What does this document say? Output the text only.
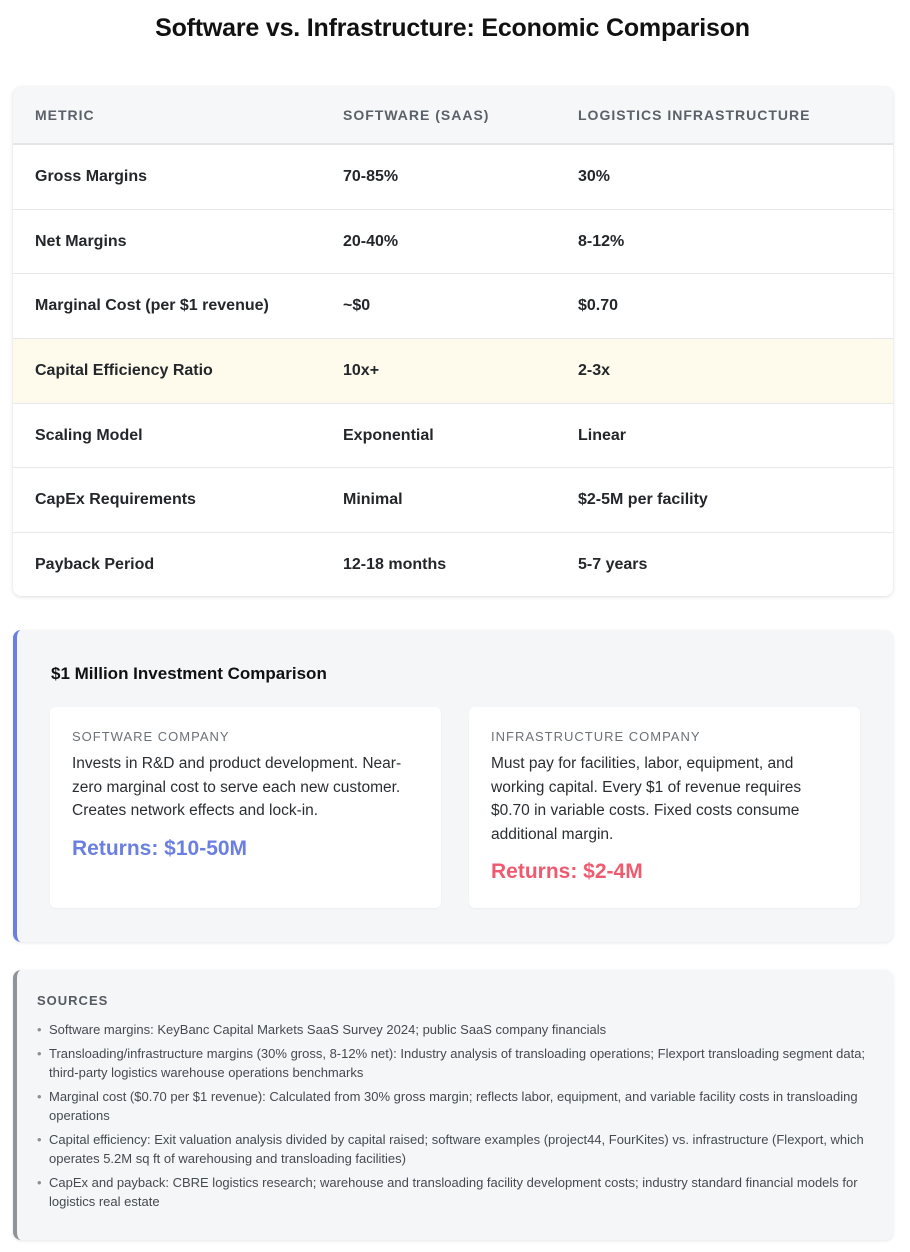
Software vs. Infrastructure: Economic Comparison
METRIC	SOFTWARE (SAAS)	LOGISTICS INFRASTRUCTURE
Gross Margins	70-85%	30%
Net Margins	20-40%	8-12%
Marginal Cost (per $1 revenue)	~$0	$0.70
Capital Efficiency Ratio	10x+	2-3x
Scaling Model	Exponential	Linear
CapEx Requirements	Minimal	$2-5M per facility
Payback Period	12-18 months	5-7 years
$1 Million Investment Comparison
SOFTWARE COMPANY
Invests in R&D and product development. Near-zero marginal cost to serve each new customer. Creates network effects and lock-in.
Returns: $10-50M
INFRASTRUCTURE COMPANY
Must pay for facilities, labor, equipment, and working capital. Every $1 of revenue requires $0.70 in variable costs. Fixed costs consume additional margin.
Returns: $2-4M
SOURCES
• Software margins: KeyBanc Capital Markets SaaS Survey 2024; public SaaS company financials
• Transloading/infrastructure margins (30% gross, 8-12% net): Industry analysis of transloading operations; Flexport transloading segment data; third-party logistics warehouse operations benchmarks
• Marginal cost ($0.70 per $1 revenue): Calculated from 30% gross margin; reflects labor, equipment, and variable facility costs in transloading operations
• Capital efficiency: Exit valuation analysis divided by capital raised; software examples (project44, FourKites) vs. infrastructure (Flexport, which operates 5.2M sq ft of warehousing and transloading facilities)
• CapEx and payback: CBRE logistics research; warehouse and transloading facility development costs; industry standard financial models for logistics real estate
